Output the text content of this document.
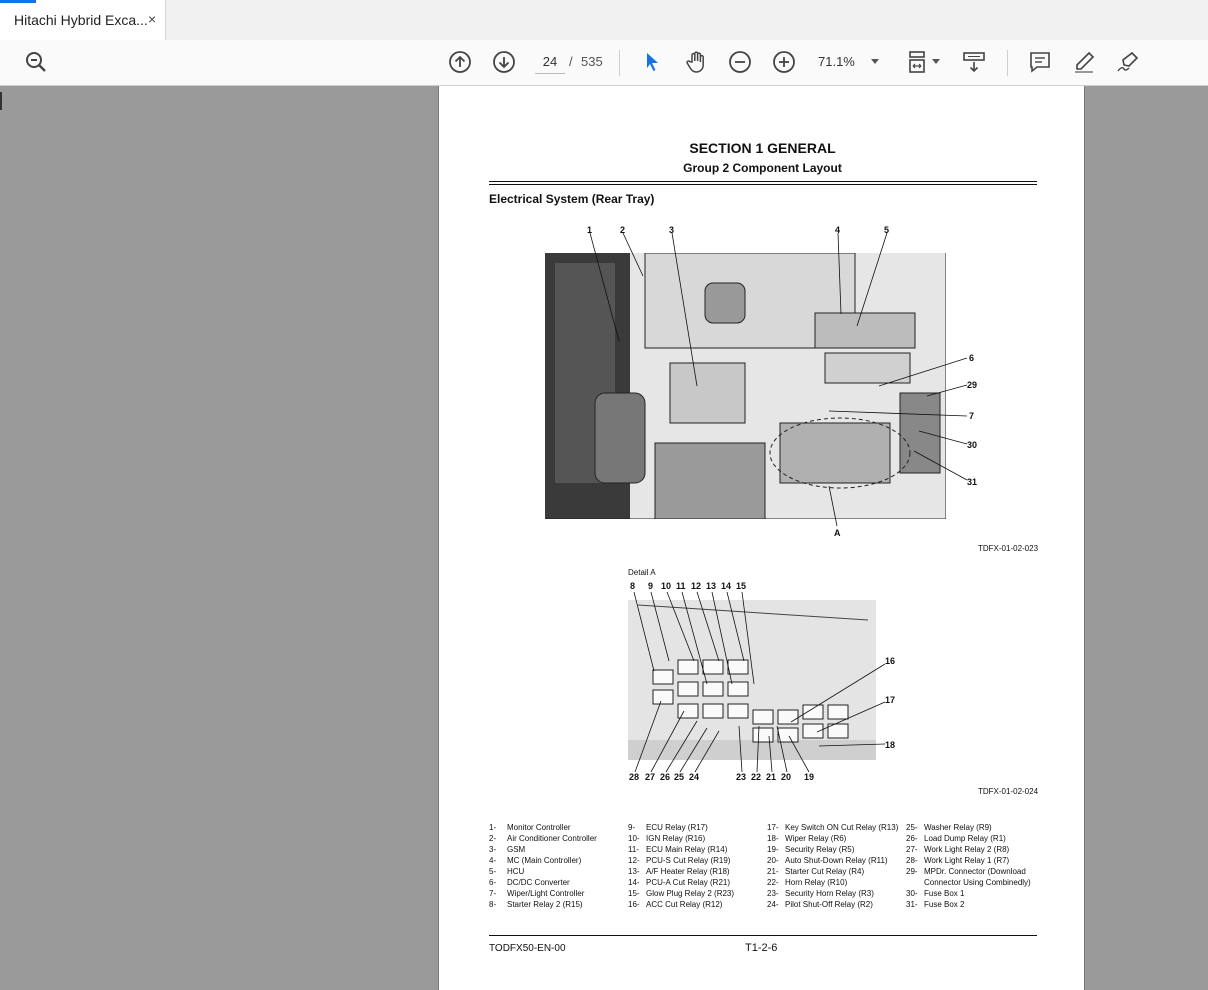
Hitachi Hybrid Exca... ×
24 / 535	71.1%
SECTION 1 GENERAL
Group 2 Component Layout
Electrical System (Rear Tray)
1	2	3	4	5
6
29
7
30
31
A
8 9 10 11 12 13 14 15
16
17
18
28 27 26 25 24	23 22 21 20 19
TDFX-01-02-023
Detail A
TDFX-01-02-024
1-	Monitor Controller
2-	Air Conditioner Controller
3-	GSM
4-	MC (Main Controller)
5-	HCU
6-	DC/DC Converter
7-	Wiper/Light Controller
8-	Starter Relay 2 (R15)
9-	ECU Relay (R17)
10- IGN Relay (R16)
11- ECU Main Relay (R14)
12- PCU-S Cut Relay (R19)
13- A/F Heater Relay (R18)
14- PCU-A Cut Relay (R21)
15- Glow Plug Relay 2 (R23)
16- ACC Cut Relay (R12)
17- Key Switch ON Cut Relay (R13)
18- Wiper Relay (R6)
19- Security Relay (R5)
20- Auto Shut-Down Relay (R11)
21- Starter Cut Relay (R4)
22- Horn Relay (R10)
23- Security Horn Relay (R3)
24- Pilot Shut-Off Relay (R2)
25- Washer Relay (R9)
26- Load Dump Relay (R1)
27- Work Light Relay 2 (R8)
28- Work Light Relay 1 (R7)
29- MPDr. Connector (Download
Connector Using Combinedly)
30- Fuse Box 1
31- Fuse Box 2
TODFX50-EN-00	T1-2-6
